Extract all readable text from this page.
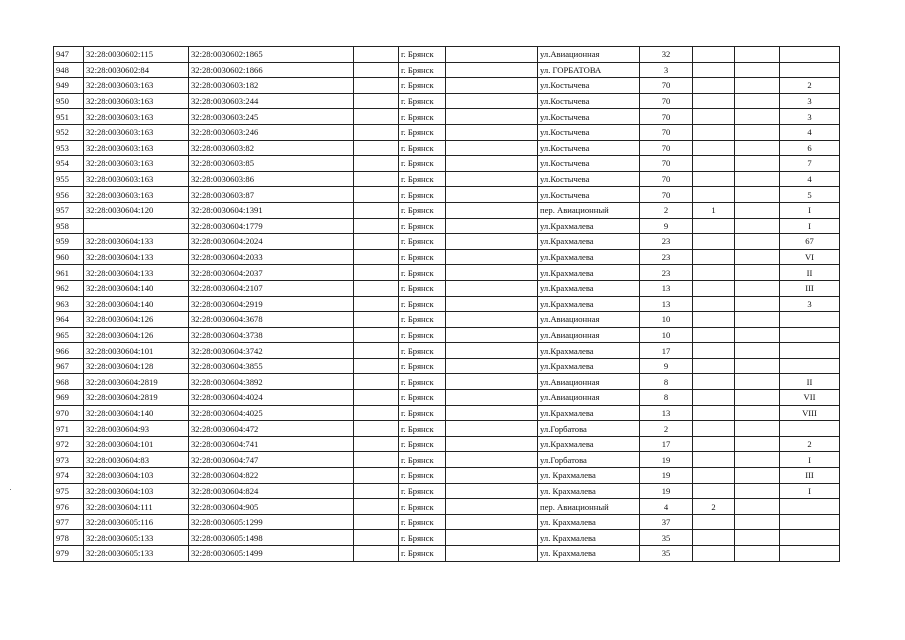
947	32:28:0030602:115	32:28:0030602:1865		г. Брянск		ул.Авиационная	32			
948	32:28:0030602:84	32:28:0030602:1866		г. Брянск		ул. ГОРБАТОВА	3			
949	32:28:0030603:163	32:28:0030603:182		г. Брянск		ул.Костычева	70			2
950	32:28:0030603:163	32:28:0030603:244		г. Брянск		ул.Костычева	70			3
951	32:28:0030603:163	32:28:0030603:245		г. Брянск		ул.Костычева	70			3
952	32:28:0030603:163	32:28:0030603:246		г. Брянск		ул.Костычева	70			4
953	32:28:0030603:163	32:28:0030603:82		г. Брянск		ул.Костычева	70			6
954	32:28:0030603:163	32:28:0030603:85		г. Брянск		ул.Костычева	70			7
955	32:28:0030603:163	32:28:0030603:86		г. Брянск		ул.Костычева	70			4
956	32:28:0030603:163	32:28:0030603:87		г. Брянск		ул.Костычева	70			5
957	32:28:0030604:120	32:28:0030604:1391		г. Брянск		пер. Авиационный	2	1		I
958		32:28:0030604:1779		г. Брянск		ул.Крахмалева	9			I
959	32:28:0030604:133	32:28:0030604:2024		г. Брянск		ул.Крахмалева	23			67
960	32:28:0030604:133	32:28:0030604:2033		г. Брянск		ул.Крахмалева	23			VI
961	32:28:0030604:133	32:28:0030604:2037		г. Брянск		ул.Крахмалева	23			II
962	32:28:0030604:140	32:28:0030604:2107		г. Брянск		ул.Крахмалева	13			III
963	32:28:0030604:140	32:28:0030604:2919		г. Брянск		ул.Крахмалева	13			3
964	32:28:0030604:126	32:28:0030604:3678		г. Брянск		ул.Авиационная	10			
965	32:28:0030604:126	32:28:0030604:3738		г. Брянск		ул.Авиационная	10			
966	32:28:0030604:101	32:28:0030604:3742		г. Брянск		ул.Крахмалева	17			
967	32:28:0030604:128	32:28:0030604:3855		г. Брянск		ул.Крахмалева	9			
968	32:28:0030604:2819	32:28:0030604:3892		г. Брянск		ул.Авиационная	8			II
969	32:28:0030604:2819	32:28:0030604:4024		г. Брянск		ул.Авиационная	8			VII
970	32:28:0030604:140	32:28:0030604:4025		г. Брянск		ул.Крахмалева	13			VIII
971	32:28:0030604:93	32:28:0030604:472		г. Брянск		ул.Горбатова	2			
972	32:28:0030604:101	32:28:0030604:741		г. Брянск		ул.Крахмалева	17			2
973	32:28:0030604:83	32:28:0030604:747		г. Брянск		ул.Горбатова	19			I
974	32:28:0030604:103	32:28:0030604:822		г. Брянск		ул. Крахмалева	19			III
975	32:28:0030604:103	32:28:0030604:824		г. Брянск		ул. Крахмалева	19			I
976	32:28:0030604:111	32:28:0030604:905		г. Брянск		пер. Авиационный	4	2		
977	32:28:0030605:116	32:28:0030605:1299		г. Брянск		ул. Крахмалева	37			
978	32:28:0030605:133	32:28:0030605:1498		г. Брянск		ул. Крахмалева	35			
979	32:28:0030605:133	32:28:0030605:1499		г. Брянск		ул. Крахмалева	35			
